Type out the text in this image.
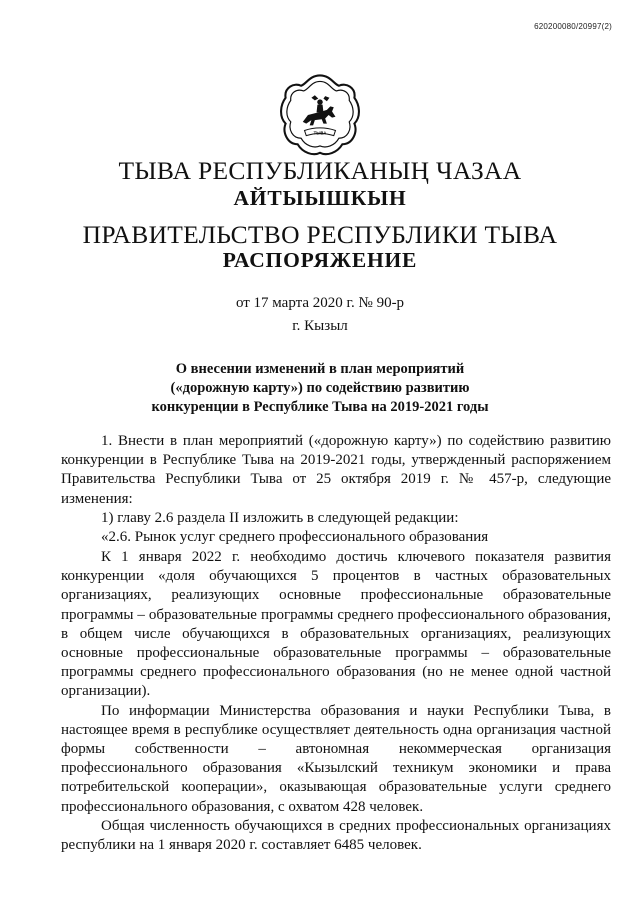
620200080/20997(2)
ТЫВА
ТЫВА РЕСПУБЛИКАНЫҢ ЧАЗАА
АЙТЫЫШКЫН
ПРАВИТЕЛЬСТВО РЕСПУБЛИКИ ТЫВА
РАСПОРЯЖЕНИЕ
от 17 марта 2020 г. № 90-р
г. Кызыл
О внесении изменений в план мероприятий
(«дорожную карту») по содействию развитию
конкуренции в Республике Тыва на 2019-2021 годы

1. Внести в план мероприятий («дорожную карту») по содействию развитию конкуренции в Республике Тыва на 2019-2021 годы, утвержденный распоряжением Правительства Республики Тыва от 25 октября 2019 г. № 457-р, следующие изменения:

1) главу 2.6 раздела II изложить в следующей редакции:

«2.6. Рынок услуг среднего профессионального образования

К 1 января 2022 г. необходимо достичь ключевого показателя развития конкуренции «доля обучающихся 5 процентов в частных образовательных организациях, реализующих основные профессиональные образовательные программы – образовательные программы среднего профессионального образования, в общем числе обучающихся в образовательных организациях, реализующих основные профессиональные образовательные программы – образовательные программы среднего профессионального образования (но не менее одной частной организации).

По информации Министерства образования и науки Республики Тыва, в настоящее время в республике осуществляет деятельность одна организация частной формы собственности – автономная некоммерческая организация профессионального образования «Кызылский техникум экономики и права потребительской кооперации», оказывающая образовательные услуги среднего профессионального образования, с охватом 428 человек.

Общая численность обучающихся в средних профессиональных организациях республики на 1 января 2020 г. составляет 6485 человек.
